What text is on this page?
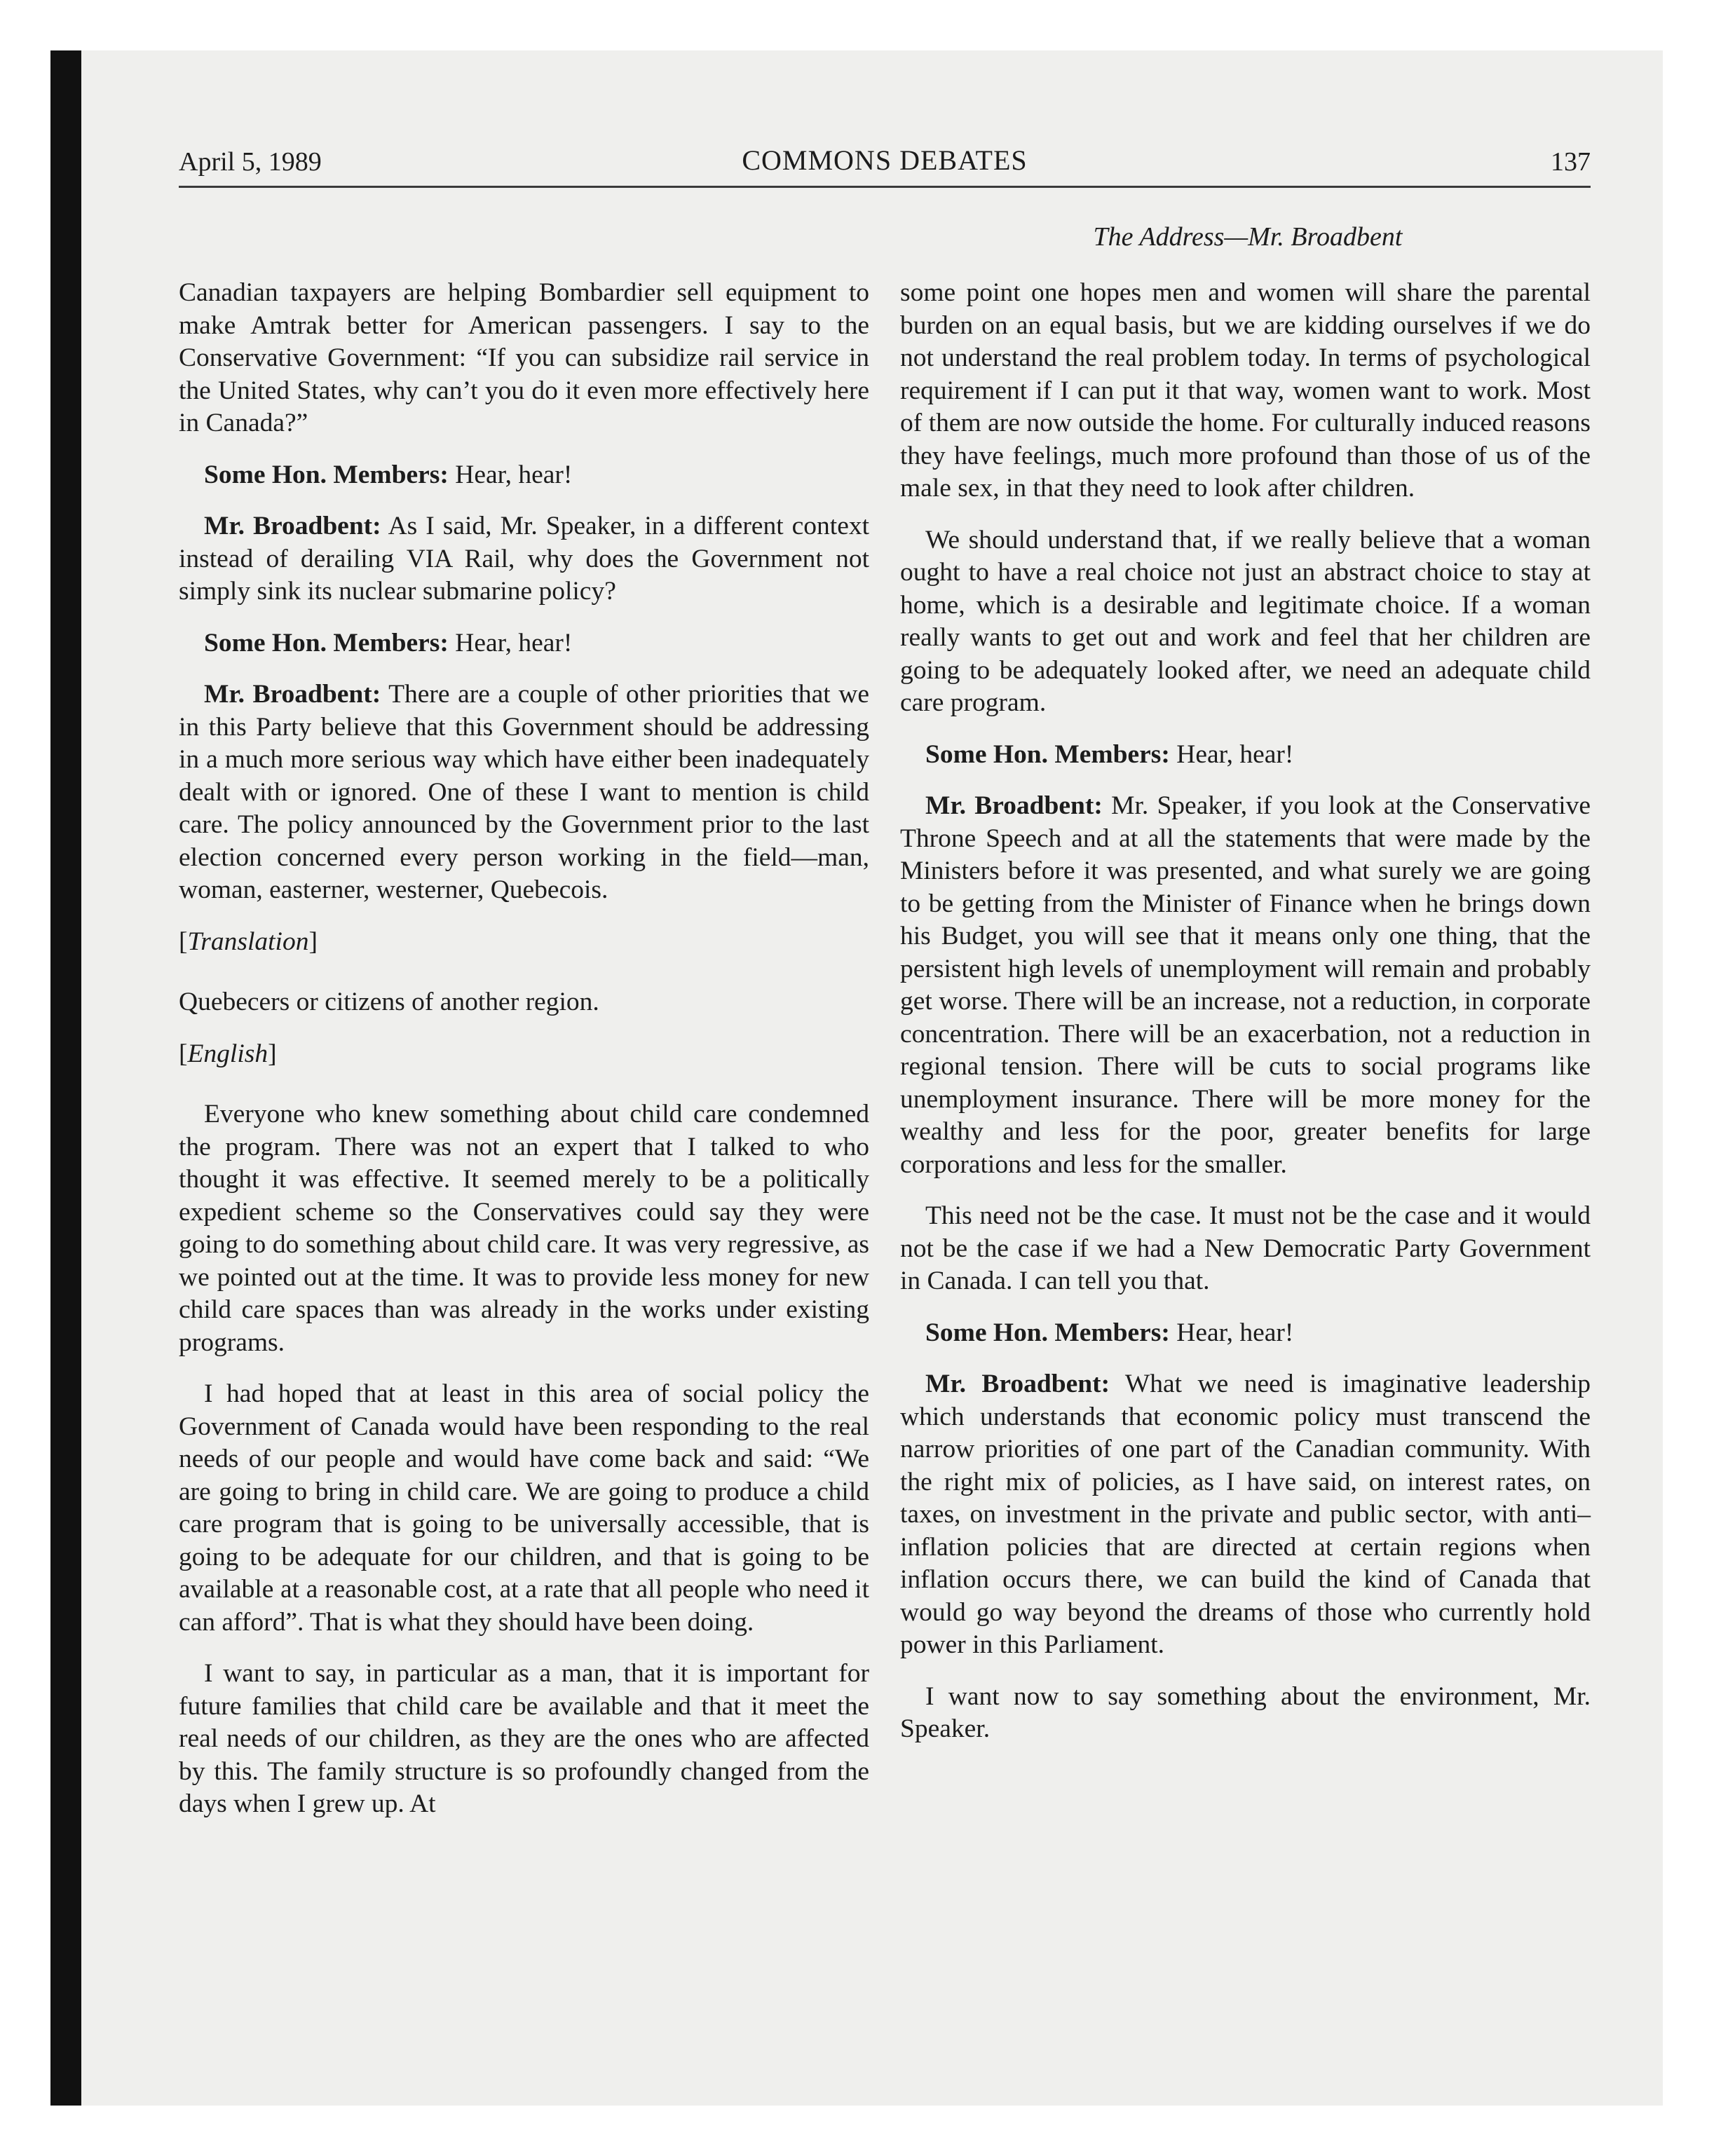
April 5, 1989	COMMONS DEBATES	137
The Address—Mr. Broadbent

Canadian taxpayers are helping Bombardier sell equipment to make Amtrak better for American passengers. I say to the Conservative Government: “If you can subsidize rail service in the United States, why can’t you do it even more effectively here in Canada?”

Some Hon. Members: Hear, hear!

Mr. Broadbent: As I said, Mr. Speaker, in a different context instead of derailing VIA Rail, why does the Government not simply sink its nuclear submarine policy?

Some Hon. Members: Hear, hear!

Mr. Broadbent: There are a couple of other priorities that we in this Party believe that this Government should be addressing in a much more serious way which have either been inadequately dealt with or ignored. One of these I want to mention is child care. The policy announced by the Government prior to the last election concerned every person working in the field—man, woman, easterner, westerner, Quebecois.

[Translation]

Quebecers or citizens of another region.

[English]

Everyone who knew something about child care condemned the program. There was not an expert that I talked to who thought it was effective. It seemed merely to be a politically expedient scheme so the Conservatives could say they were going to do something about child care. It was very regressive, as we pointed out at the time. It was to provide less money for new child care spaces than was already in the works under existing programs.

I had hoped that at least in this area of social policy the Government of Canada would have been responding to the real needs of our people and would have come back and said: “We are going to bring in child care. We are going to produce a child care program that is going to be universally accessible, that is going to be adequate for our children, and that is going to be available at a reasonable cost, at a rate that all people who need it can afford”. That is what they should have been doing.

I want to say, in particular as a man, that it is important for future families that child care be available and that it meet the real needs of our children, as they are the ones who are affected by this. The family structure is so profoundly changed from the days when I grew up. At

some point one hopes men and women will share the parental burden on an equal basis, but we are kidding ourselves if we do not understand the real problem today. In terms of psychological requirement if I can put it that way, women want to work. Most of them are now outside the home. For culturally induced reasons they have feelings, much more profound than those of us of the male sex, in that they need to look after children.

We should understand that, if we really believe that a woman ought to have a real choice not just an abstract choice to stay at home, which is a desirable and legitimate choice. If a woman really wants to get out and work and feel that her children are going to be adequately looked after, we need an adequate child care program.

Some Hon. Members: Hear, hear!

Mr. Broadbent: Mr. Speaker, if you look at the Conservative Throne Speech and at all the statements that were made by the Ministers before it was presented, and what surely we are going to be getting from the Minister of Finance when he brings down his Budget, you will see that it means only one thing, that the persistent high levels of unemployment will remain and probably get worse. There will be an increase, not a reduction, in corporate concentration. There will be an exacerbation, not a reduction in regional tension. There will be cuts to social programs like unemployment insurance. There will be more money for the wealthy and less for the poor, greater benefits for large corporations and less for the smaller.

This need not be the case. It must not be the case and it would not be the case if we had a New Democratic Party Government in Canada. I can tell you that.

Some Hon. Members: Hear, hear!

Mr. Broadbent: What we need is imaginative leadership which understands that economic policy must transcend the narrow priorities of one part of the Canadian community. With the right mix of policies, as I have said, on interest rates, on taxes, on investment in the private and public sector, with anti–inflation policies that are directed at certain regions when inflation occurs there, we can build the kind of Canada that would go way beyond the dreams of those who currently hold power in this Parliament.

I want now to say something about the environment, Mr. Speaker.
